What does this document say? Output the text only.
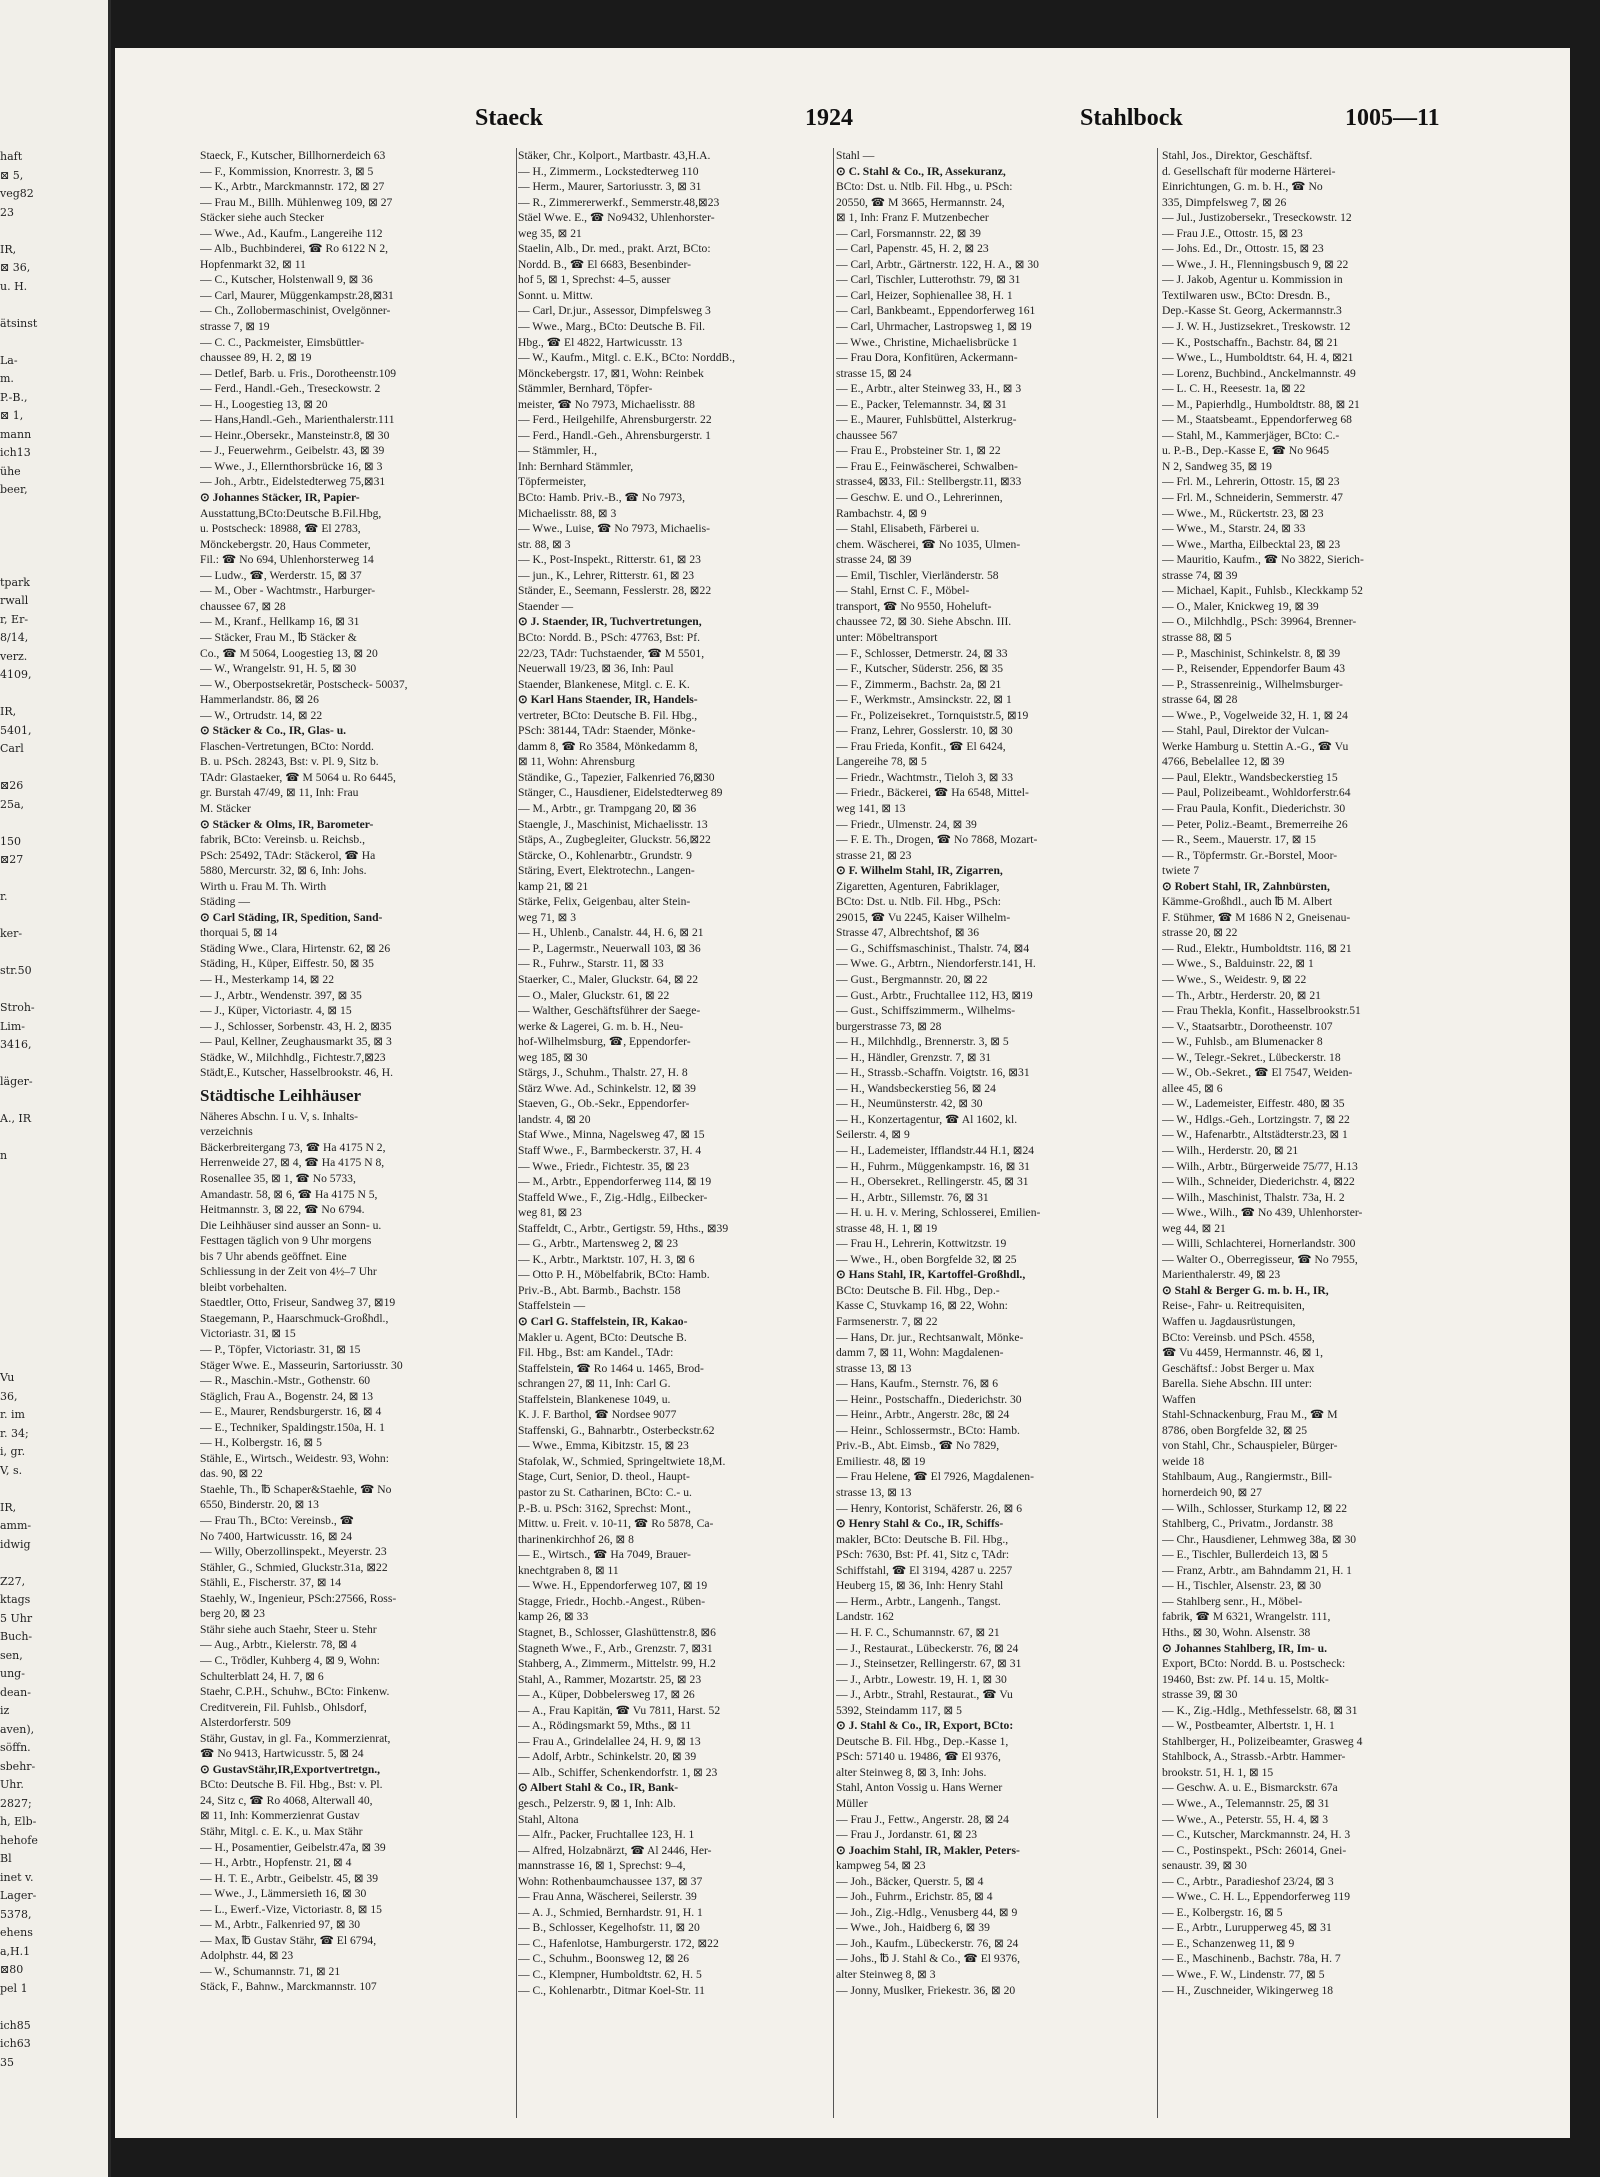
haft
⊠ 5,
veg82
23
IR,
⊠ 36,
u. H.
ätsinst
La-
m.
P.-B.,
⊠ 1,
mann
ich13
ühe
beer,
tpark
rwall
r, Er-
8/14,
verz.
4109,
IR,
5401,
Carl
⊠26
25a,
150
⊠27
r.
ker-
str.50
Stroh-
Lim-
3416,
läger-
A., IR
n
Vu
36,
r. im
r. 34;
i, gr.
V, s.
IR,
amm-
idwig
Z27,
ktags
5 Uhr
Buch-
sen,
ung-
dean-
iz
aven),
söffn.
sbehr-
Uhr.
2827;
h, Elb-
hehofe
Bl
inet v.
Lager-
5378,
ehens
a,H.1
⊠80
pel 1
ich85
ich63
35
Staeck	1924	Stahlbock	1005—11
Staeck, F., Kutscher, Billhornerdeich 63
— F., Kommission, Knorrestr. 3, ⊠ 5
— K., Arbtr., Marckmannstr. 172, ⊠ 27
— Frau M., Billh. Mühlenweg 109, ⊠ 27
Stäcker siehe auch Stecker
— Wwe., Ad., Kaufm., Langereihe 112
— Alb., Buchbinderei, ☎ Ro 6122 N 2,
Hopfenmarkt 32, ⊠ 11
— C., Kutscher, Holstenwall 9, ⊠ 36
— Carl, Maurer, Müggenkampstr.28,⊠31
— Ch., Zollobermaschinist, Ovelgönner-
strasse 7, ⊠ 19
— C. C., Packmeister, Eimsbüttler-
chaussee 89, H. 2, ⊠ 19
— Detlef, Barb. u. Fris., Dorotheenstr.109
— Ferd., Handl.-Geh., Treseckowstr. 2
— H., Loogestieg 13, ⊠ 20
— Hans,Handl.-Geh., Marienthalerstr.111
— Heinr.,Obersekr., Mansteinstr.8, ⊠ 30
— J., Feuerwehrm., Geibelstr. 43, ⊠ 39
— Wwe., J., Ellernthorsbrücke 16, ⊠ 3
— Joh., Arbtr., Eidelstedterweg 75,⊠31
⊙ Johannes Stäcker, IR, Papier-
Ausstattung,BCto:Deutsche B.Fil.Hbg,
u. Postscheck: 18988, ☎ El 2783,
Mönckebergstr. 20, Haus Commeter,
Fil.: ☎ No 694, Uhlenhorsterweg 14
— Ludw., ☎, Werderstr. 15, ⊠ 37
— M., Ober - Wachtmstr., Harburger-
chaussee 67, ⊠ 28
— M., Kranf., Hellkamp 16, ⊠ 31
— Stäcker, Frau M., ℔ Stäcker &
Co., ☎ M 5064, Loogestieg 13, ⊠ 20
— W., Wrangelstr. 91, H. 5, ⊠ 30
— W., Oberpostsekretär, Postscheck- 50037,
Hammerlandstr. 86, ⊠ 26
— W., Ortrudstr. 14, ⊠ 22
⊙ Stäcker & Co., IR, Glas- u.
Flaschen-Vertretungen, BCto: Nordd.
B. u. PSch. 28243, Bst: v. Pl. 9, Sitz b.
TAdr: Glastaeker, ☎ M 5064 u. Ro 6445,
gr. Burstah 47/49, ⊠ 11, Inh: Frau
M. Stäcker
⊙ Stäcker & Olms, IR, Barometer-
fabrik, BCto: Vereinsb. u. Reichsb.,
PSch: 25492, TAdr: Stäckerol, ☎ Ha
5880, Mercurstr. 32, ⊠ 6, Inh: Johs.
Wirth u. Frau M. Th. Wirth
Städing —
⊙ Carl Städing, IR, Spedition, Sand-
thorquai 5, ⊠ 14
Städing Wwe., Clara, Hirtenstr. 62, ⊠ 26
Städing, H., Küper, Eiffestr. 50, ⊠ 35
— H., Mesterkamp 14, ⊠ 22
— J., Arbtr., Wendenstr. 397, ⊠ 35
— J., Küper, Victoriastr. 4, ⊠ 15
— J., Schlosser, Sorbenstr. 43, H. 2, ⊠35
— Paul, Kellner, Zeughausmarkt 35, ⊠ 3
Städke, W., Milchhdlg., Fichtestr.7,⊠23
Städt,E., Kutscher, Hasselbrookstr. 46, H.
Städtische Leihhäuser
Näheres Abschn. I u. V, s. Inhalts-
verzeichnis
Bäckerbreitergang 73, ☎ Ha 4175 N 2,
Herrenweide 27, ⊠ 4, ☎ Ha 4175 N 8,
Rosenallee 35, ⊠ 1, ☎ No 5733,
Amandastr. 58, ⊠ 6, ☎ Ha 4175 N 5,
Heitmannstr. 3, ⊠ 22, ☎ No 6794.
Die Leihhäuser sind ausser an Sonn- u.
Festtagen täglich von 9 Uhr morgens
bis 7 Uhr abends geöffnet. Eine
Schliessung in der Zeit von 4½–7 Uhr
bleibt vorbehalten.
Staedtler, Otto, Friseur, Sandweg 37, ⊠19
Staegemann, P., Haarschmuck-Großhdl.,
Victoriastr. 31, ⊠ 15
— P., Töpfer, Victoriastr. 31, ⊠ 15
Stäger Wwe. E., Masseurin, Sartoriusstr. 30
— R., Maschin.-Mstr., Gothenstr. 60
Stäglich, Frau A., Bogenstr. 24, ⊠ 13
— E., Maurer, Rendsburgerstr. 16, ⊠ 4
— E., Techniker, Spaldingstr.150a, H. 1
— H., Kolbergstr. 16, ⊠ 5
Stähle, E., Wirtsch., Weidestr. 93, Wohn:
das. 90, ⊠ 22
Staehle, Th., ℔ Schaper&Staehle, ☎ No
6550, Binderstr. 20, ⊠ 13
— Frau Th., BCto: Vereinsb., ☎
No 7400, Hartwicusstr. 16, ⊠ 24
— Willy, Oberzollinspekt., Meyerstr. 23
Stähler, G., Schmied, Gluckstr.31a, ⊠22
Stähli, E., Fischerstr. 37, ⊠ 14
Staehly, W., Ingenieur, PSch:27566, Ross-
berg 20, ⊠ 23
Stähr siehe auch Staehr, Steer u. Stehr
— Aug., Arbtr., Kielerstr. 78, ⊠ 4
— C., Trödler, Kuhberg 4, ⊠ 9, Wohn:
Schulterblatt 24, H. 7, ⊠ 6
Staehr, C.P.H., Schuhw., BCto: Finkenw.
Creditverein, Fil. Fuhlsb., Ohlsdorf,
Alsterdorferstr. 509
Stähr, Gustav, in gl. Fa., Kommerzienrat,
☎ No 9413, Hartwicusstr. 5, ⊠ 24
⊙ GustavStähr,IR,Exportvertretgn.,
BCto: Deutsche B. Fil. Hbg., Bst: v. Pl.
24, Sitz c, ☎ Ro 4068, Alterwall 40,
⊠ 11, Inh: Kommerzienrat Gustav
Stähr, Mitgl. c. E. K., u. Max Stähr
— H., Posamentier, Geibelstr.47a, ⊠ 39
— H., Arbtr., Hopfenstr. 21, ⊠ 4
— H. T. E., Arbtr., Geibelstr. 45, ⊠ 39
— Wwe., J., Lämmersieth 16, ⊠ 30
— L., Ewerf.-Vize, Victoriastr. 8, ⊠ 15
— M., Arbtr., Falkenried 97, ⊠ 30
— Max, ℔ Gustav Stähr, ☎ El 6794,
Adolphstr. 44, ⊠ 23
— W., Schumannstr. 71, ⊠ 21
Stäck, F., Bahnw., Marckmannstr. 107
Stäker, Chr., Kolport., Martbastr. 43,H.A.
— H., Zimmerm., Lockstedterweg 110
— Herm., Maurer, Sartoriusstr. 3, ⊠ 31
— R., Zimmererwerkf., Semmerstr.48,⊠23
Stäel Wwe. E., ☎ No9432, Uhlenhorster-
weg 35, ⊠ 21
Staelin, Alb., Dr. med., prakt. Arzt, BCto:
Nordd. B., ☎ El 6683, Besenbinder-
hof 5, ⊠ 1, Sprechst: 4–5, ausser
Sonnt. u. Mittw.
— Carl, Dr.jur., Assessor, Dimpfelsweg 3
— Wwe., Marg., BCto: Deutsche B. Fil.
Hbg., ☎ El 4822, Hartwicusstr. 13
— W., Kaufm., Mitgl. c. E.K., BCto: NorddB.,
Mönckebergstr. 17, ⊠1, Wohn: Reinbek
Stämmler, Bernhard, Töpfer-
meister, ☎ No 7973, Michaelisstr. 88
— Ferd., Heilgehilfe, Ahrensburgerstr. 22
— Ferd., Handl.-Geh., Ahrensburgerstr. 1
— Stämmler, H.,
Inh: Bernhard Stämmler,
Töpfermeister,
BCto: Hamb. Priv.-B., ☎ No 7973,
Michaelisstr. 88, ⊠ 3
— Wwe., Luise, ☎ No 7973, Michaelis-
str. 88, ⊠ 3
— K., Post-Inspekt., Ritterstr. 61, ⊠ 23
— jun., K., Lehrer, Ritterstr. 61, ⊠ 23
Ständer, E., Seemann, Fesslerstr. 28, ⊠22
Staender —
⊙ J. Staender, IR, Tuchvertretungen,
BCto: Nordd. B., PSch: 47763, Bst: Pf.
22/23, TAdr: Tuchstaender, ☎ M 5501,
Neuerwall 19/23, ⊠ 36, Inh: Paul
Staender, Blankenese, Mitgl. c. E. K.
⊙ Karl Hans Staender, IR, Handels-
vertreter, BCto: Deutsche B. Fil. Hbg.,
PSch: 38144, TAdr: Staender, Mönke-
damm 8, ☎ Ro 3584, Mönkedamm 8,
⊠ 11, Wohn: Ahrensburg
Ständike, G., Tapezier, Falkenried 76,⊠30
Stänger, C., Hausdiener, Eidelstedterweg 89
— M., Arbtr., gr. Trampgang 20, ⊠ 36
Staengle, J., Maschinist, Michaelisstr. 13
Stäps, A., Zugbegleiter, Gluckstr. 56,⊠22
Stärcke, O., Kohlenarbtr., Grundstr. 9
Stäring, Evert, Elektrotechn., Langen-
kamp 21, ⊠ 21
Stärke, Felix, Geigenbau, alter Stein-
weg 71, ⊠ 3
— H., Uhlenb., Canalstr. 44, H. 6, ⊠ 21
— P., Lagermstr., Neuerwall 103, ⊠ 36
— R., Fuhrw., Starstr. 11, ⊠ 33
Staerker, C., Maler, Gluckstr. 64, ⊠ 22
— O., Maler, Gluckstr. 61, ⊠ 22
— Walther, Geschäftsführer der Saege-
werke & Lagerei, G. m. b. H., Neu-
hof-Wilhelmsburg, ☎, Eppendorfer-
weg 185, ⊠ 30
Stärgs, J., Schuhm., Thalstr. 27, H. 8
Stärz Wwe. Ad., Schinkelstr. 12, ⊠ 39
Staeven, G., Ob.-Sekr., Eppendorfer-
landstr. 4, ⊠ 20
Staf Wwe., Minna, Nagelsweg 47, ⊠ 15
Staff Wwe., F., Barmbeckerstr. 37, H. 4
— Wwe., Friedr., Fichtestr. 35, ⊠ 23
— M., Arbtr., Eppendorferweg 114, ⊠ 19
Staffeld Wwe., F., Zig.-Hdlg., Eilbecker-
weg 81, ⊠ 23
Staffeldt, C., Arbtr., Gertigstr. 59, Hths., ⊠39
— G., Arbtr., Martensweg 2, ⊠ 23
— K., Arbtr., Marktstr. 107, H. 3, ⊠ 6
— Otto P. H., Möbelfabrik, BCto: Hamb.
Priv.-B., Abt. Barmb., Bachstr. 158
Staffelstein —
⊙ Carl G. Staffelstein, IR, Kakao-
Makler u. Agent, BCto: Deutsche B.
Fil. Hbg., Bst: am Kandel., TAdr:
Staffelstein, ☎ Ro 1464 u. 1465, Brod-
schrangen 27, ⊠ 11, Inh: Carl G.
Staffelstein, Blankenese 1049, u.
K. J. F. Barthol, ☎ Nordsee 9077
Staffenski, G., Bahnarbtr., Osterbeckstr.62
— Wwe., Emma, Kibitzstr. 15, ⊠ 23
Stafolak, W., Schmied, Springeltwiete 18,M.
Stage, Curt, Senior, D. theol., Haupt-
pastor zu St. Catharinen, BCto: C.- u.
P.-B. u. PSch: 3162, Sprechst: Mont.,
Mittw. u. Freit. v. 10-11, ☎ Ro 5878, Ca-
tharinenkirchhof 26, ⊠ 8
— E., Wirtsch., ☎ Ha 7049, Brauer-
knechtgraben 8, ⊠ 11
— Wwe. H., Eppendorferweg 107, ⊠ 19
Stagge, Friedr., Hochb.-Angest., Rüben-
kamp 26, ⊠ 33
Stagnet, B., Schlosser, Glashüttenstr.8, ⊠6
Stagneth Wwe., F., Arb., Grenzstr. 7, ⊠31
Stahberg, A., Zimmerm., Mittelstr. 99, H.2
Stahl, A., Rammer, Mozartstr. 25, ⊠ 23
— A., Küper, Dobbelersweg 17, ⊠ 26
— A., Frau Kapitän, ☎ Vu 7811, Harst. 52
— A., Rödingsmarkt 59, Mths., ⊠ 11
— Frau A., Grindelallee 24, H. 9, ⊠ 13
— Adolf, Arbtr., Schinkelstr. 20, ⊠ 39
— Alb., Schiffer, Schenkendorfstr. 1, ⊠ 23
⊙ Albert Stahl & Co., IR, Bank-
gesch., Pelzerstr. 9, ⊠ 1, Inh: Alb.
Stahl, Altona
— Alfr., Packer, Fruchtallee 123, H. 1
— Alfred, Holzabnärzt, ☎ Al 2446, Her-
mannstrasse 16, ⊠ 1, Sprechst: 9–4,
Wohn: Rothenbaumchaussee 137, ⊠ 37
— Frau Anna, Wäscherei, Seilerstr. 39
— A. J., Schmied, Bernhardstr. 91, H. 1
— B., Schlosser, Kegelhofstr. 11, ⊠ 20
— C., Hafenlotse, Hamburgerstr. 172, ⊠22
— C., Schuhm., Boonsweg 12, ⊠ 26
— C., Klempner, Humboldtstr. 62, H. 5
— C., Kohlenarbtr., Ditmar Koel-Str. 11
Stahl —
⊙ C. Stahl & Co., IR, Assekuranz,
BCto: Dst. u. Ntlb. Fil. Hbg., u. PSch:
20550, ☎ M 3665, Hermannstr. 24,
⊠ 1, Inh: Franz F. Mutzenbecher
— Carl, Forsmannstr. 22, ⊠ 39
— Carl, Papenstr. 45, H. 2, ⊠ 23
— Carl, Arbtr., Gärtnerstr. 122, H. A., ⊠ 30
— Carl, Tischler, Lutterothstr. 79, ⊠ 31
— Carl, Heizer, Sophienallee 38, H. 1
— Carl, Bankbeamt., Eppendorferweg 161
— Carl, Uhrmacher, Lastropsweg 1, ⊠ 19
— Wwe., Christine, Michaelisbrücke 1
— Frau Dora, Konfitüren, Ackermann-
strasse 15, ⊠ 24
— E., Arbtr., alter Steinweg 33, H., ⊠ 3
— E., Packer, Telemannstr. 34, ⊠ 31
— E., Maurer, Fuhlsbüttel, Alsterkrug-
chaussee 567
— Frau E., Probsteiner Str. 1, ⊠ 22
— Frau E., Feinwäscherei, Schwalben-
strasse4, ⊠33, Fil.: Stellbergstr.11, ⊠33
— Geschw. E. und O., Lehrerinnen,
Rambachstr. 4, ⊠ 9
— Stahl, Elisabeth, Färberei u.
chem. Wäscherei, ☎ No 1035, Ulmen-
strasse 24, ⊠ 39
— Emil, Tischler, Vierländerstr. 58
— Stahl, Ernst C. F., Möbel-
transport, ☎ No 9550, Hoheluft-
chaussee 72, ⊠ 30. Siehe Abschn. III.
unter: Möbeltransport
— F., Schlosser, Detmerstr. 24, ⊠ 33
— F., Kutscher, Süderstr. 256, ⊠ 35
— F., Zimmerm., Bachstr. 2a, ⊠ 21
— F., Werkmstr., Amsinckstr. 22, ⊠ 1
— Fr., Polizeisekret., Tornquiststr.5, ⊠19
— Franz, Lehrer, Gosslerstr. 10, ⊠ 30
— Frau Frieda, Konfit., ☎ El 6424,
Langereihe 78, ⊠ 5
— Friedr., Wachtmstr., Tieloh 3, ⊠ 33
— Friedr., Bäckerei, ☎ Ha 6548, Mittel-
weg 141, ⊠ 13
— Friedr., Ulmenstr. 24, ⊠ 39
— F. E. Th., Drogen, ☎ No 7868, Mozart-
strasse 21, ⊠ 23
⊙ F. Wilhelm Stahl, IR, Zigarren,
Zigaretten, Agenturen, Fabriklager,
BCto: Dst. u. Ntlb. Fil. Hbg., PSch:
29015, ☎ Vu 2245, Kaiser Wilhelm-
Strasse 47, Albrechtshof, ⊠ 36
— G., Schiffsmaschinist., Thalstr. 74, ⊠4
— Wwe. G., Arbtrn., Niendorferstr.141, H.
— Gust., Bergmannstr. 20, ⊠ 22
— Gust., Arbtr., Fruchtallee 112, H3, ⊠19
— Gust., Schiffszimmerm., Wilhelms-
burgerstrasse 73, ⊠ 28
— H., Milchhdlg., Brennerstr. 3, ⊠ 5
— H., Händler, Grenzstr. 7, ⊠ 31
— H., Strassb.-Schaffn. Voigtstr. 16, ⊠31
— H., Wandsbeckerstieg 56, ⊠ 24
— H., Neumünsterstr. 42, ⊠ 30
— H., Konzertagentur, ☎ Al 1602, kl.
Seilerstr. 4, ⊠ 9
— H., Lademeister, Ifflandstr.44 H.1, ⊠24
— H., Fuhrm., Müggenkampstr. 16, ⊠ 31
— H., Obersekret., Rellingerstr. 45, ⊠ 31
— H., Arbtr., Sillemstr. 76, ⊠ 31
— H. u. H. v. Mering, Schlosserei, Emilien-
strasse 48, H. 1, ⊠ 19
— Frau H., Lehrerin, Kottwitzstr. 19
— Wwe., H., oben Borgfelde 32, ⊠ 25
⊙ Hans Stahl, IR, Kartoffel-Großhdl.,
BCto: Deutsche B. Fil. Hbg., Dep.-
Kasse C, Stuvkamp 16, ⊠ 22, Wohn:
Farmsenerstr. 7, ⊠ 22
— Hans, Dr. jur., Rechtsanwalt, Mönke-
damm 7, ⊠ 11, Wohn: Magdalenen-
strasse 13, ⊠ 13
— Hans, Kaufm., Sternstr. 76, ⊠ 6
— Heinr., Postschaffn., Diederichstr. 30
— Heinr., Arbtr., Angerstr. 28c, ⊠ 24
— Heinr., Schlossermstr., BCto: Hamb.
Priv.-B., Abt. Eimsb., ☎ No 7829,
Emiliestr. 48, ⊠ 19
— Frau Helene, ☎ El 7926, Magdalenen-
strasse 13, ⊠ 13
— Henry, Kontorist, Schäferstr. 26, ⊠ 6
⊙ Henry Stahl & Co., IR, Schiffs-
makler, BCto: Deutsche B. Fil. Hbg.,
PSch: 7630, Bst: Pf. 41, Sitz c, TAdr:
Schiffstahl, ☎ El 3194, 4287 u. 2257
Heuberg 15, ⊠ 36, Inh: Henry Stahl
— Herm., Arbtr., Langenh., Tangst.
Landstr. 162
— H. F. C., Schumannstr. 67, ⊠ 21
— J., Restaurat., Lübeckerstr. 76, ⊠ 24
— J., Steinsetzer, Rellingerstr. 67, ⊠ 31
— J., Arbtr., Lowestr. 19, H. 1, ⊠ 30
— J., Arbtr., Strahl, Restaurat., ☎ Vu
5392, Steindamm 117, ⊠ 5
⊙ J. Stahl & Co., IR, Export, BCto:
Deutsche B. Fil. Hbg., Dep.-Kasse 1,
PSch: 57140 u. 19486, ☎ El 9376,
alter Steinweg 8, ⊠ 3, Inh: Johs.
Stahl, Anton Vossig u. Hans Werner
Müller
— Frau J., Fettw., Angerstr. 28, ⊠ 24
— Frau J., Jordanstr. 61, ⊠ 23
⊙ Joachim Stahl, IR, Makler, Peters-
kampweg 54, ⊠ 23
— Joh., Bäcker, Querstr. 5, ⊠ 4
— Joh., Fuhrm., Erichstr. 85, ⊠ 4
— Joh., Zig.-Hdlg., Venusberg 44, ⊠ 9
— Wwe., Joh., Haidberg 6, ⊠ 39
— Joh., Kaufm., Lübeckerstr. 76, ⊠ 24
— Johs., ℔ J. Stahl & Co., ☎ El 9376,
alter Steinweg 8, ⊠ 3
— Jonny, Muslker, Friekestr. 36, ⊠ 20
Stahl, Jos., Direktor, Geschäftsf.
d. Gesellschaft für moderne Härterei-
Einrichtungen, G. m. b. H., ☎ No
335, Dimpfelsweg 7, ⊠ 26
— Jul., Justizobersekr., Treseckowstr. 12
— Frau J.E., Ottostr. 15, ⊠ 23
— Johs. Ed., Dr., Ottostr. 15, ⊠ 23
— Wwe., J. H., Flenningsbusch 9, ⊠ 22
— J. Jakob, Agentur u. Kommission in
Textilwaren usw., BCto: Dresdn. B.,
Dep.-Kasse St. Georg, Ackermannstr.3
— J. W. H., Justizsekret., Treskowstr. 12
— K., Postschaffn., Bachstr. 84, ⊠ 21
— Wwe., L., Humboldtstr. 64, H. 4, ⊠21
— Lorenz, Buchbind., Anckelmannstr. 49
— L. C. H., Reesestr. 1a, ⊠ 22
— M., Papierhdlg., Humboldtstr. 88, ⊠ 21
— M., Staatsbeamt., Eppendorferweg 68
— Stahl, M., Kammerjäger, BCto: C.-
u. P.-B., Dep.-Kasse E, ☎ No 9645
N 2, Sandweg 35, ⊠ 19
— Frl. M., Lehrerin, Ottostr. 15, ⊠ 23
— Frl. M., Schneiderin, Semmerstr. 47
— Wwe., M., Rückertstr. 23, ⊠ 23
— Wwe., M., Starstr. 24, ⊠ 33
— Wwe., Martha, Eilbecktal 23, ⊠ 23
— Mauritio, Kaufm., ☎ No 3822, Sierich-
strasse 74, ⊠ 39
— Michael, Kapit., Fuhlsb., Kleckkamp 52
— O., Maler, Knickweg 19, ⊠ 39
— O., Milchhdlg., PSch: 39964, Brenner-
strasse 88, ⊠ 5
— P., Maschinist, Schinkelstr. 8, ⊠ 39
— P., Reisender, Eppendorfer Baum 43
— P., Strassenreinig., Wilhelmsburger-
strasse 64, ⊠ 28
— Wwe., P., Vogelweide 32, H. 1, ⊠ 24
— Stahl, Paul, Direktor der Vulcan-
Werke Hamburg u. Stettin A.-G., ☎ Vu
4766, Bebelallee 12, ⊠ 39
— Paul, Elektr., Wandsbeckerstieg 15
— Paul, Polizeibeamt., Wohldorferstr.64
— Frau Paula, Konfit., Diederichstr. 30
— Peter, Poliz.-Beamt., Bremerreihe 26
— R., Seem., Mauerstr. 17, ⊠ 15
— R., Töpfermstr. Gr.-Borstel, Moor-
twiete 7
⊙ Robert Stahl, IR, Zahnbürsten,
Kämme-Großhdl., auch ℔ M. Albert
F. Stühmer, ☎ M 1686 N 2, Gneisenau-
strasse 20, ⊠ 22
— Rud., Elektr., Humboldtstr. 116, ⊠ 21
— Wwe., S., Balduinstr. 22, ⊠ 1
— Wwe., S., Weidestr. 9, ⊠ 22
— Th., Arbtr., Herderstr. 20, ⊠ 21
— Frau Thekla, Konfit., Hasselbrookstr.51
— V., Staatsarbtr., Dorotheenstr. 107
— W., Fuhlsb., am Blumenacker 8
— W., Telegr.-Sekret., Lübeckerstr. 18
— W., Ob.-Sekret., ☎ El 7547, Weiden-
allee 45, ⊠ 6
— W., Lademeister, Eiffestr. 480, ⊠ 35
— W., Hdlgs.-Geh., Lortzingstr. 7, ⊠ 22
— W., Hafenarbtr., Altstädterstr.23, ⊠ 1
— Wilh., Herderstr. 20, ⊠ 21
— Wilh., Arbtr., Bürgerweide 75/77, H.13
— Wilh., Schneider, Diederichstr. 4, ⊠22
— Wilh., Maschinist, Thalstr. 73a, H. 2
— Wwe., Wilh., ☎ No 439, Uhlenhorster-
weg 44, ⊠ 21
— Willi, Schlachterei, Hornerlandstr. 300
— Walter O., Oberregisseur, ☎ No 7955,
Marienthalerstr. 49, ⊠ 23
⊙ Stahl & Berger G. m. b. H., IR,
Reise-, Fahr- u. Reitrequisiten,
Waffen u. Jagdausrüstungen,
BCto: Vereinsb. und PSch. 4558,
☎ Vu 4459, Hermannstr. 46, ⊠ 1,
Geschäftsf.: Jobst Berger u. Max
Barella. Siehe Abschn. III unter:
Waffen
Stahl-Schnackenburg, Frau M., ☎ M
8786, oben Borgfelde 32, ⊠ 25
von Stahl, Chr., Schauspieler, Bürger-
weide 18
Stahlbaum, Aug., Rangiermstr., Bill-
hornerdeich 90, ⊠ 27
— Wilh., Schlosser, Sturkamp 12, ⊠ 22
Stahlberg, C., Privatm., Jordanstr. 38
— Chr., Hausdiener, Lehmweg 38a, ⊠ 30
— E., Tischler, Bullerdeich 13, ⊠ 5
— Franz, Arbtr., am Bahndamm 21, H. 1
— H., Tischler, Alsenstr. 23, ⊠ 30
— Stahlberg senr., H., Möbel-
fabrik, ☎ M 6321, Wrangelstr. 111,
Hths., ⊠ 30, Wohn. Alsenstr. 38
⊙ Johannes Stahlberg, IR, Im- u.
Export, BCto: Nordd. B. u. Postscheck:
19460, Bst: zw. Pf. 14 u. 15, Moltk-
strasse 39, ⊠ 30
— K., Zig.-Hdlg., Methfesselstr. 68, ⊠ 31
— W., Postbeamter, Albertstr. 1, H. 1
Stahlberger, H., Polizeibeamter, Grasweg 4
Stahlbock, A., Strassb.-Arbtr. Hammer-
brookstr. 51, H. 1, ⊠ 15
— Geschw. A. u. E., Bismarckstr. 67a
— Wwe., A., Telemannstr. 25, ⊠ 31
— Wwe., A., Peterstr. 55, H. 4, ⊠ 3
— C., Kutscher, Marckmannstr. 24, H. 3
— C., Postinspekt., PSch: 26014, Gnei-
senaustr. 39, ⊠ 30
— C., Arbtr., Paradieshof 23/24, ⊠ 3
— Wwe., C. H. L., Eppendorferweg 119
— E., Kolbergstr. 16, ⊠ 5
— E., Arbtr., Lurupperweg 45, ⊠ 31
— E., Schanzenweg 11, ⊠ 9
— E., Maschinenb., Bachstr. 78a, H. 7
— Wwe., F. W., Lindenstr. 77, ⊠ 5
— H., Zuschneider, Wikingerweg 18
